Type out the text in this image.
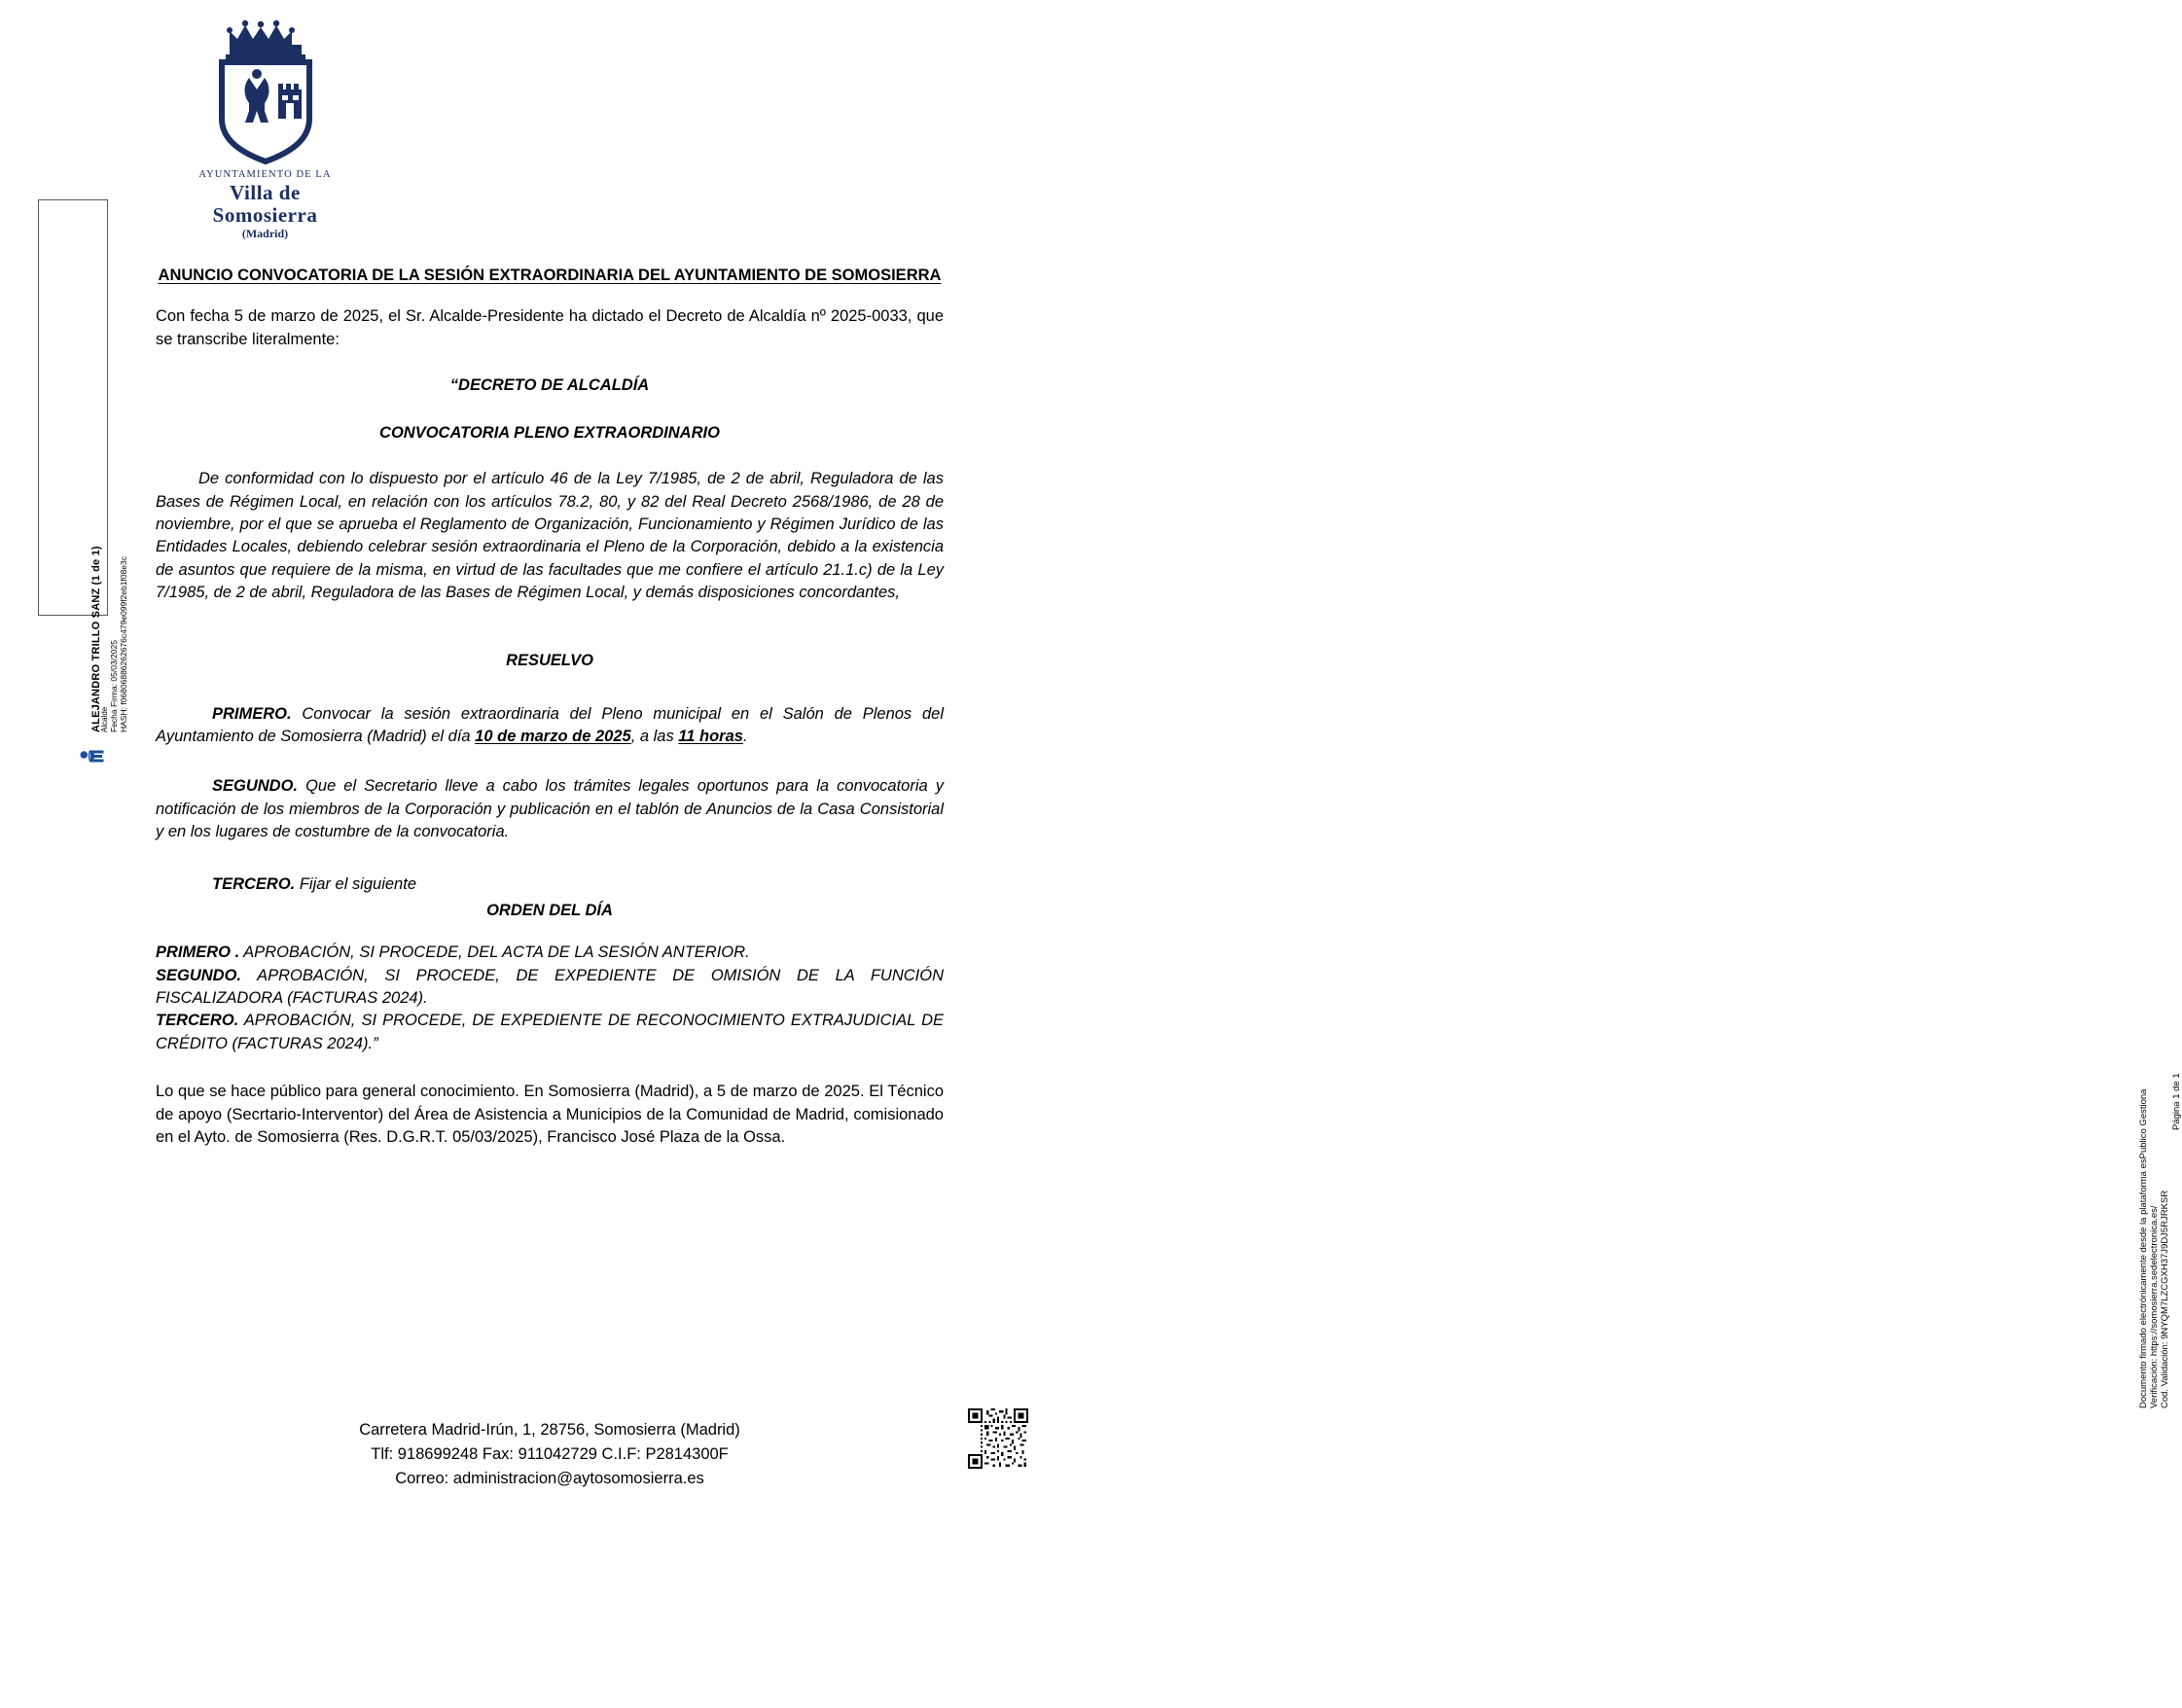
AYUNTAMIENTO DE LA
Villa de
Somosierra
(Madrid)
ALEJANDRO TRILLO SANZ (1 de 1)
Alcalde Fecha Firma: 05/03/2025 HASH: f06806886262676c479e099f2eb1f08e3c
ANUNCIO CONVOCATORIA DE LA SESIÓN EXTRAORDINARIA DEL AYUNTAMIENTO DE SOMOSIERRA
Con fecha 5 de marzo de 2025, el Sr. Alcalde-Presidente ha dictado el Decreto de Alcaldía nº 2025-0033, que se transcribe literalmente:
“DECRETO DE ALCALDÍA
CONVOCATORIA PLENO EXTRAORDINARIO
De conformidad con lo dispuesto por el artículo 46 de la Ley 7/1985, de 2 de abril, Reguladora de las Bases de Régimen Local, en relación con los artículos 78.2, 80, y 82 del Real Decreto 2568/1986, de 28 de noviembre, por el que se aprueba el Reglamento de Organización, Funcionamiento y Régimen Jurídico de las Entidades Locales, debiendo celebrar sesión extraordinaria el Pleno de la Corporación, debido a la existencia de asuntos que requiere de la misma, en virtud de las facultades que me confiere el artículo 21.1.c) de la Ley 7/1985, de 2 de abril, Reguladora de las Bases de Régimen Local, y demás disposiciones concordantes,
RESUELVO
PRIMERO. Convocar la sesión extraordinaria del Pleno municipal en el Salón de Plenos del Ayuntamiento de Somosierra (Madrid) el día 10 de marzo de 2025, a las 11 horas.
SEGUNDO. Que el Secretario lleve a cabo los trámites legales oportunos para la convocatoria y notificación de los miembros de la Corporación y publicación en el tablón de Anuncios de la Casa Consistorial y en los lugares de costumbre de la convocatoria.
TERCERO. Fijar el siguiente
ORDEN DEL DÍA
PRIMERO . APROBACIÓN, SI PROCEDE, DEL ACTA DE LA SESIÓN ANTERIOR.
SEGUNDO. APROBACIÓN, SI PROCEDE, DE EXPEDIENTE DE OMISIÓN DE LA FUNCIÓN FISCALIZADORA (FACTURAS 2024).
TERCERO. APROBACIÓN, SI PROCEDE, DE EXPEDIENTE DE RECONOCIMIENTO EXTRAJUDICIAL DE CRÉDITO (FACTURAS 2024).”
Lo que se hace público para general conocimiento. En Somosierra (Madrid), a 5 de marzo de 2025. El Técnico de apoyo (Secrtario-Interventor) del Área de Asistencia a Municipios de la Comunidad de Madrid, comisionado en el Ayto. de Somosierra (Res. D.G.R.T. 05/03/2025), Francisco José Plaza de la Ossa.
Cod. Validación: 9NYQM7LZCGXH37J9DJ5RJRKSR
Verificación: https://somosierra.sedelectronica.es/
Documento firmado electrónicamente desde la plataforma esPublico Gestiona Página 1 de 1
Carretera Madrid-Irún, 1, 28756, Somosierra (Madrid)
Tlf: 918699248 Fax: 911042729 C.I.F: P2814300F
Correo: administracion@aytosomosierra.es
